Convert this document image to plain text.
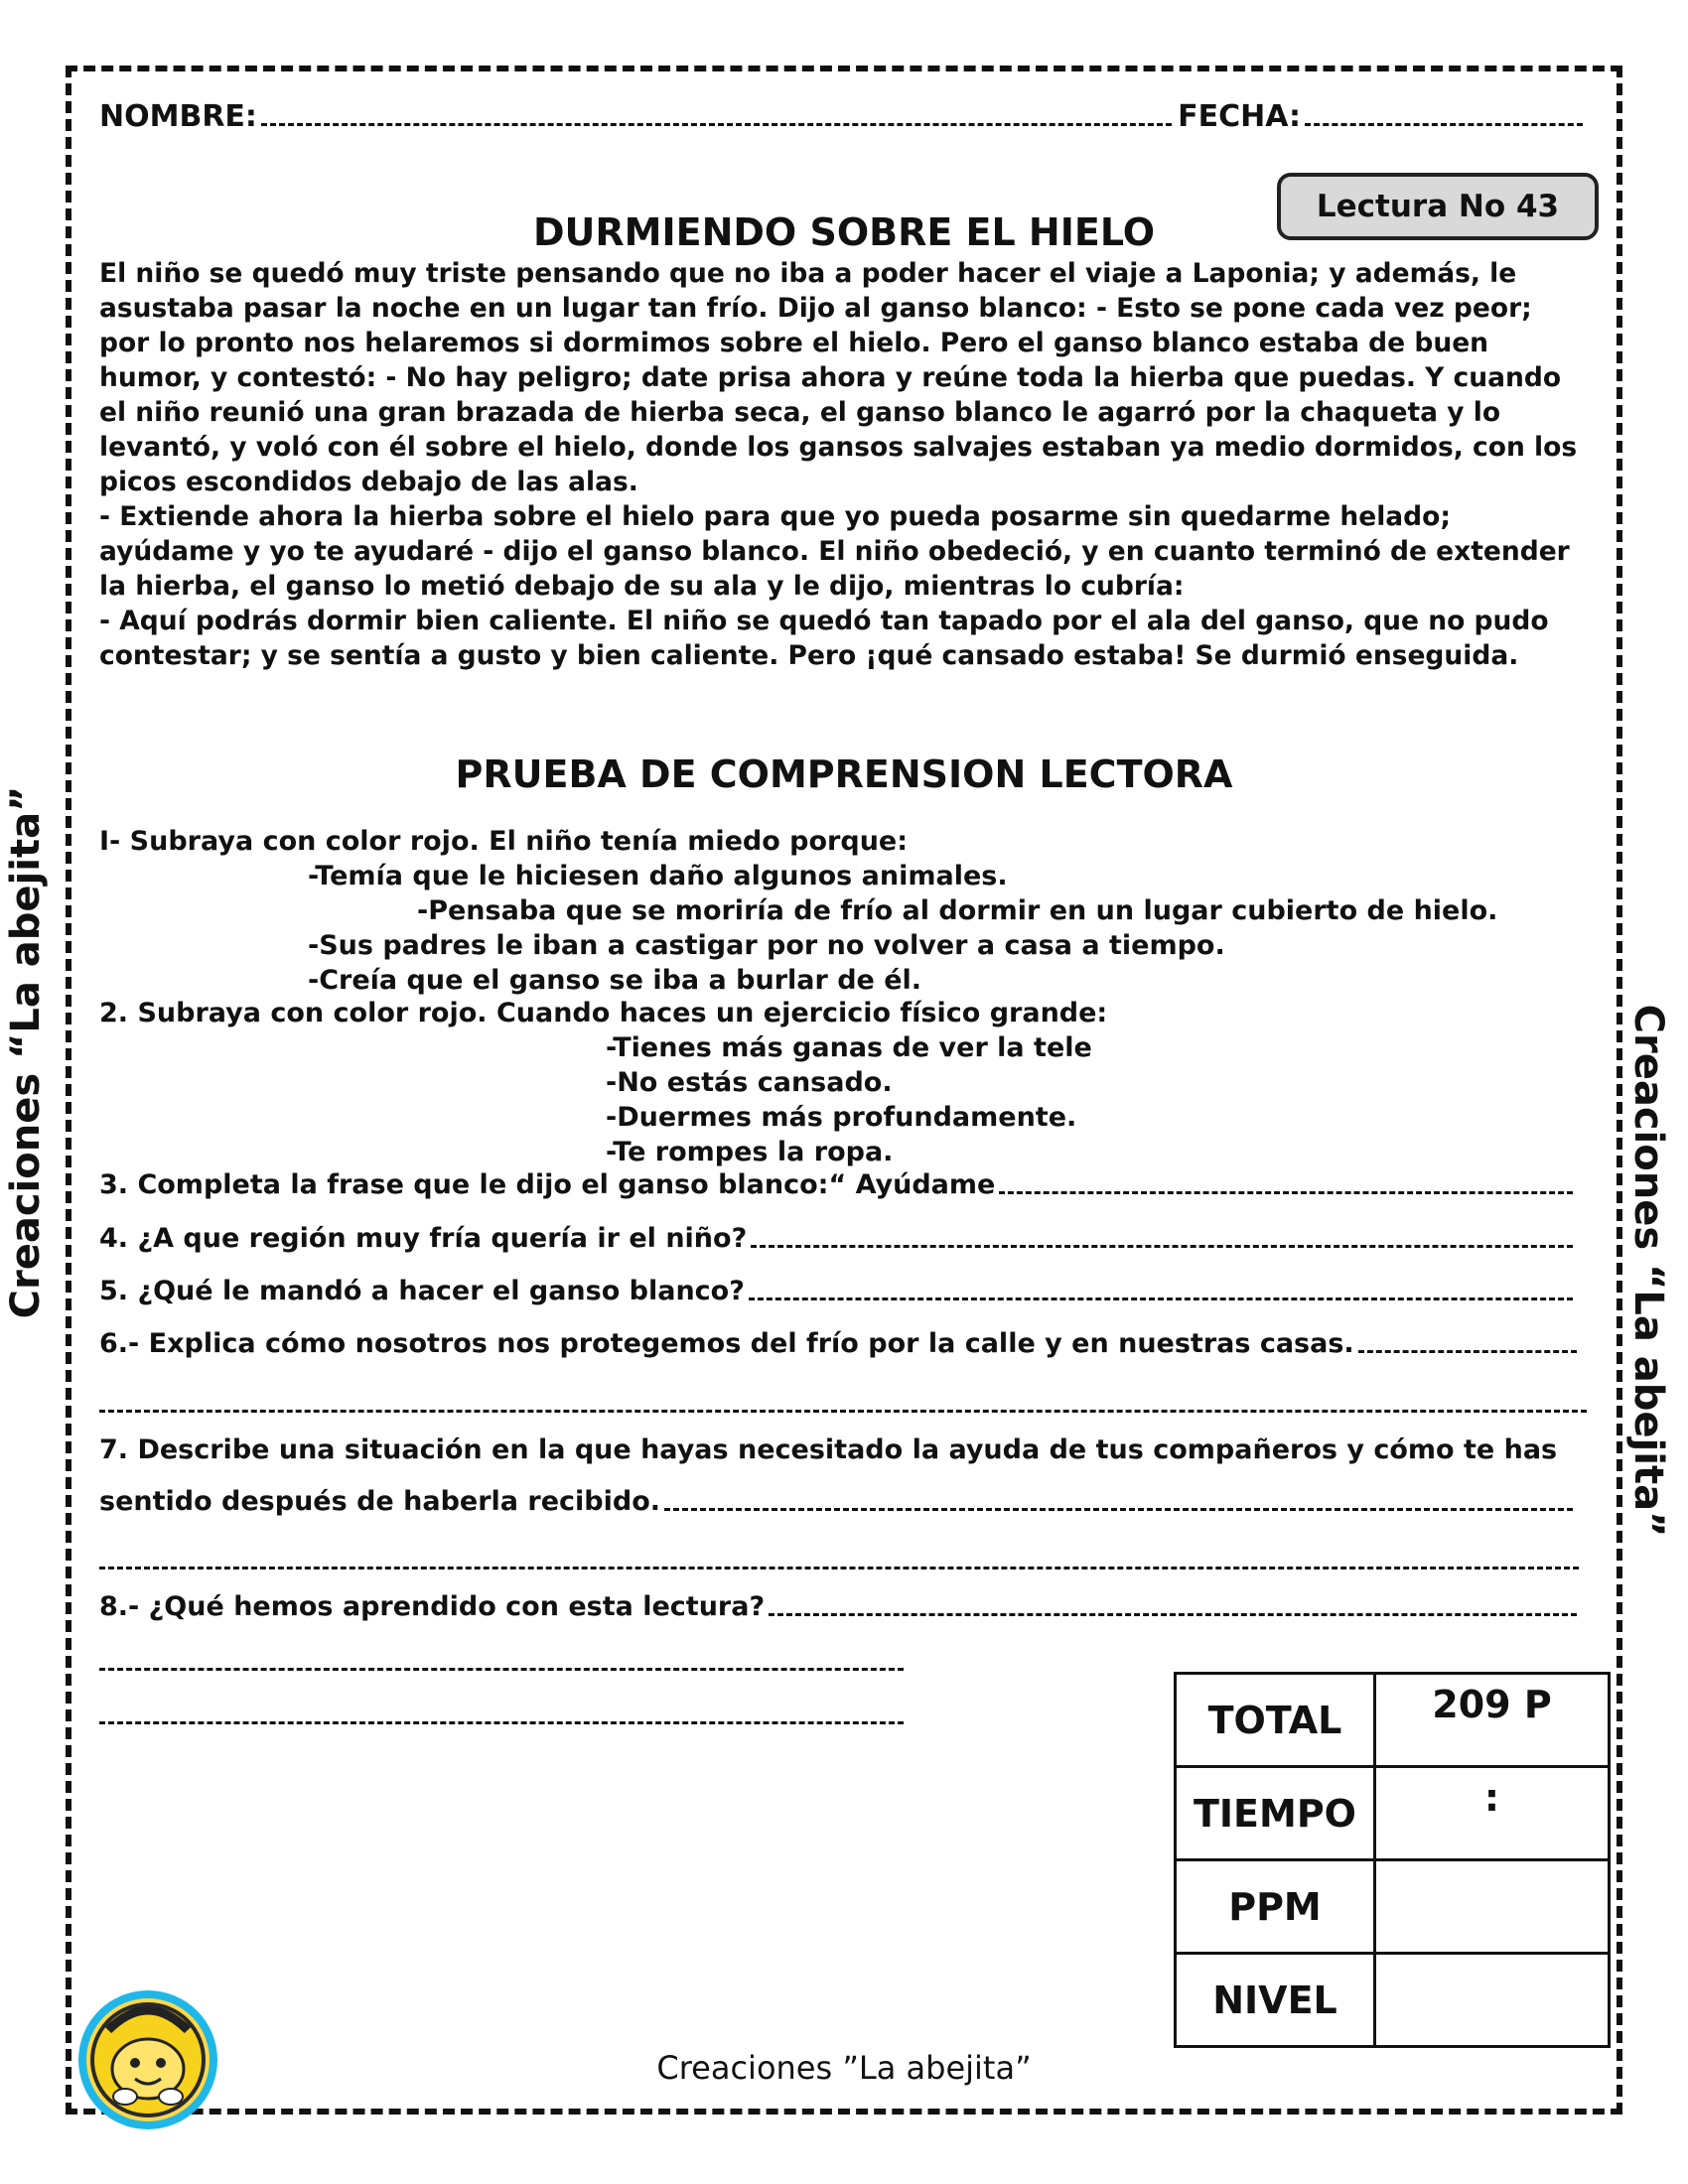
Creaciones “La abejita”	Creaciones “La abejita”
NOMBRE:	FECHA:
Lectura No 43
DURMIENDO SOBRE EL HIELO

El niño se quedó muy triste pensando que no iba a poder hacer el viaje a Laponia; y además, le asustaba pasar la noche en un lugar tan frío. Dijo al ganso blanco: - Esto se pone cada vez peor; por lo pronto nos helaremos si dormimos sobre el hielo. Pero el ganso blanco estaba de buen humor, y contestó: - No hay peligro; date prisa ahora y reúne toda la hierba que puedas. Y cuando el niño reunió una gran brazada de hierba seca, el ganso blanco le agarró por la chaqueta y lo levantó, y voló con él sobre el hielo, donde los gansos salvajes estaban ya medio dormidos, con los picos escondidos debajo de las alas.

- Extiende ahora la hierba sobre el hielo para que yo pueda posarme sin quedarme helado; ayúdame y yo te ayudaré - dijo el ganso blanco. El niño obedeció, y en cuanto terminó de extender la hierba, el ganso lo metió debajo de su ala y le dijo, mientras lo cubría:

- Aquí podrás dormir bien caliente. El niño se quedó tan tapado por el ala del ganso, que no pudo contestar; y se sentía a gusto y bien caliente. Pero ¡qué cansado estaba! Se durmió enseguida.

PRUEBA DE COMPRENSION LECTORA
I- Subraya con color rojo. El niño tenía miedo porque:
-Temía que le hiciesen daño algunos animales.
-Pensaba que se moriría de frío al dormir en un lugar cubierto de hielo.
-Sus padres le iban a castigar por no volver a casa a tiempo.
-Creía que el ganso se iba a burlar de él.
2. Subraya con color rojo. Cuando haces un ejercicio físico grande:
-Tienes más ganas de ver la tele
-No estás cansado.
-Duermes más profundamente.
-Te rompes la ropa.
3. Completa la frase que le dijo el ganso blanco:“ Ayúdame
4. ¿A que región muy fría quería ir el niño?
5. ¿Qué le mandó a hacer el ganso blanco?
6.- Explica cómo nosotros nos protegemos del frío por la calle y en nuestras casas.
7. Describe una situación en la que hayas necesitado la ayuda de tus compañeros y cómo te has
sentido después de haberla recibido.
8.- ¿Qué hemos aprendido con esta lectura?
TOTAL	209 P
TIEMPO	:
PPM	
NIVEL	
Creaciones ”La abejita”
